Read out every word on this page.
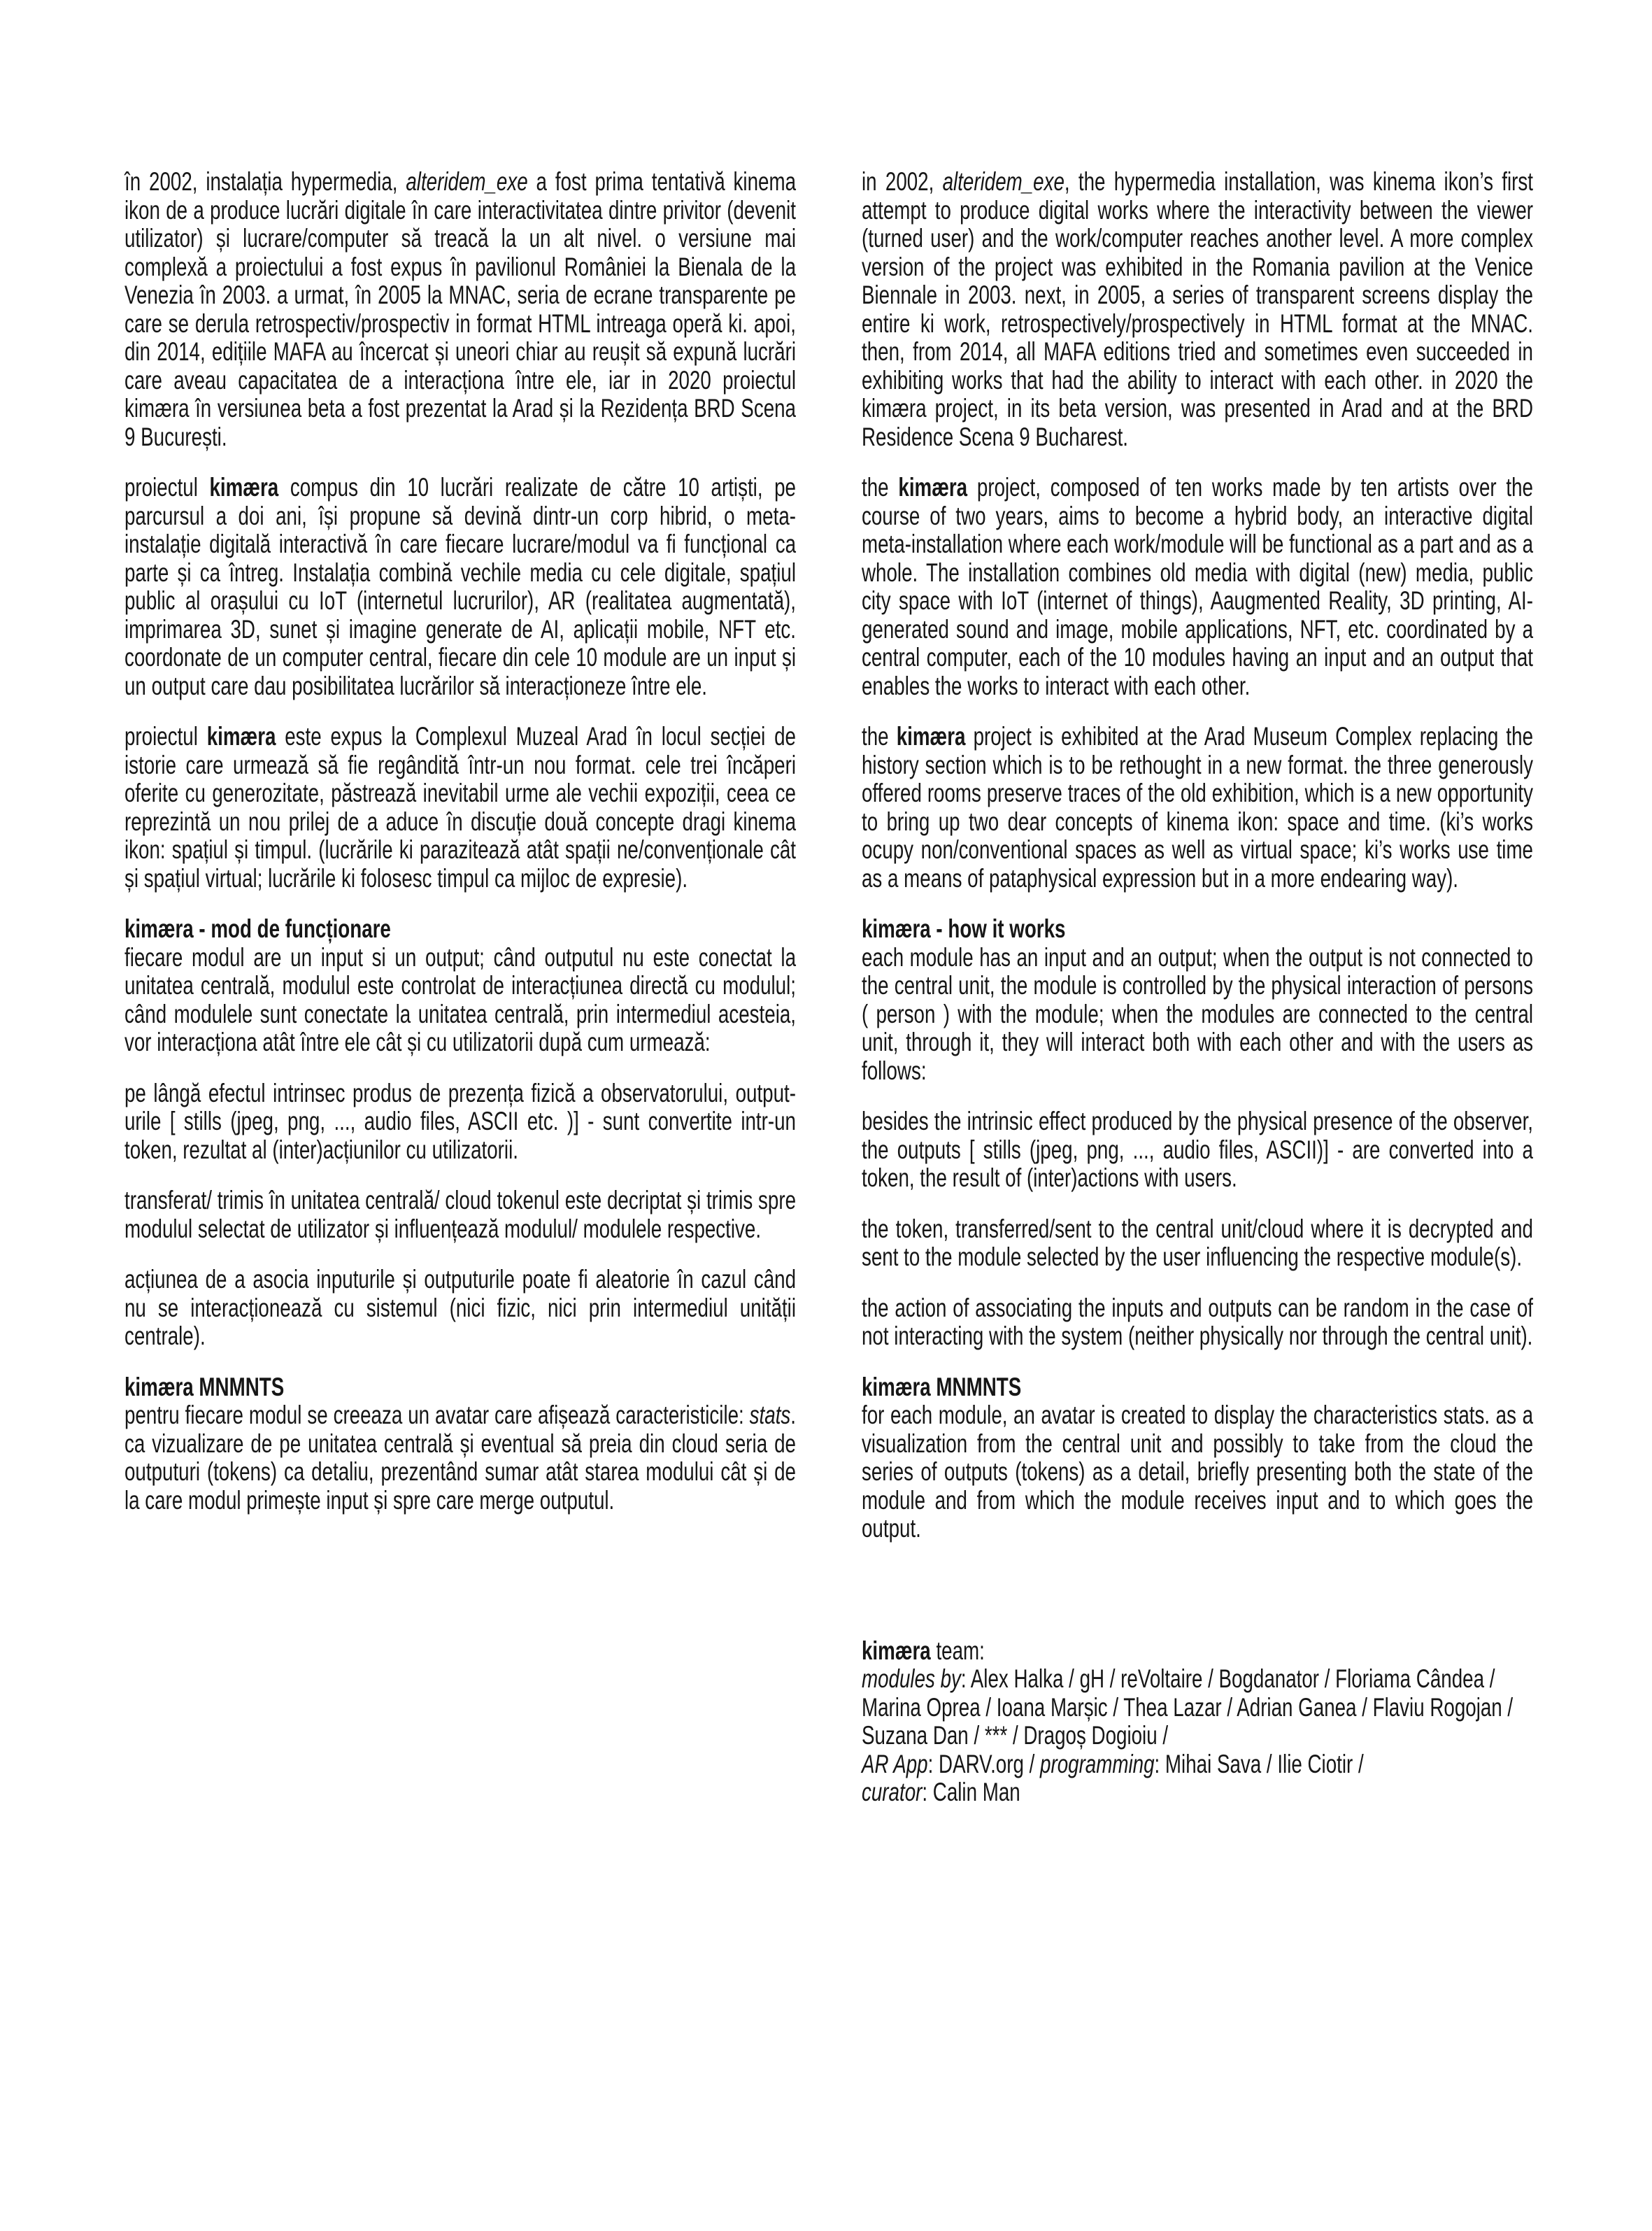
în 2002, instalația hypermedia, alteridem_exe a fost prima tentativă kinema ikon de a produce lucrări digitale în care interactivitatea dintre privitor (devenit utilizator) și lucrare/computer să treacă la un alt nivel. o versiune mai complexă a proiectului a fost expus în pavilionul României la Bienala de la Venezia în 2003. a urmat, în 2005 la MNAC, seria de ecrane transparente pe care se derula retrospectiv/prospectiv in format HTML intreaga operă ki. apoi, din 2014, edițiile MAFA au încercat și uneori chiar au reușit să expună lucrări care aveau capacitatea de a interacționa între ele, iar in 2020 proiectul kimæra în versiunea beta a fost prezentat la Arad și la Rezidența BRD Scena 9 București.

proiectul kimæra compus din 10 lucrări realizate de către 10 artiști, pe parcursul a doi ani, își propune să devină dintr-un corp hibrid, o meta-instalație digitală interactivă în care fiecare lucrare/modul va fi funcțional ca parte și ca întreg. Instalația combină vechile media cu cele digitale, spațiul public al orașului cu IoT (internetul lucrurilor), AR (realitatea augmentată), imprimarea 3D, sunet și imagine generate de AI, aplicații mobile, NFT etc. coordonate de un computer central, fiecare din cele 10 module are un input și un output care dau posibilitatea lucrărilor să interacționeze între ele.

proiectul kimæra este expus la Complexul Muzeal Arad în locul secției de istorie care urmează să fie regândită într-un nou format. cele trei încăperi oferite cu generozitate, păstrează inevitabil urme ale vechii expoziții, ceea ce reprezintă un nou prilej de a aduce în discuție două concepte dragi kinema ikon: spațiul și timpul. (lucrările ki parazitează atât spații ne/convenționale cât și spațiul virtual; lucrările ki folosesc timpul ca mijloc de expresie).

kimæra - mod de funcționare

fiecare modul are un input si un output; când outputul nu este conectat la unitatea centrală, modulul este controlat de interacțiunea directă cu modulul; când modulele sunt conectate la unitatea centrală, prin intermediul acesteia, vor interacționa atât între ele cât și cu utilizatorii după cum urmează:

pe lângă efectul intrinsec produs de prezența fizică a observatorului, output-urile [ stills (jpeg, png, ..., audio files, ASCII etc. )] - sunt convertite intr-un token, rezultat al (inter)acțiunilor cu utilizatorii.

transferat/ trimis în unitatea centrală/ cloud tokenul este decriptat și trimis spre modulul selectat de utilizator și influențează modulul/ modulele respective.

acțiunea de a asocia inputurile și outputurile poate fi aleatorie în cazul când nu se interacționează cu sistemul (nici fizic, nici prin intermediul unității centrale).

kimæra MNMNTS

pentru fiecare modul se creeaza un avatar care afișează caracteristicile: stats. ca vizualizare de pe unitatea centrală și eventual să preia din cloud seria de outputuri (tokens) ca detaliu, prezentând sumar atât starea modului cât și de la care modul primește input și spre care merge outputul.

in 2002, alteridem_exe, the hypermedia installation, was kinema ikon’s first attempt to produce digital works where the interactivity between the viewer (turned user) and the work/computer reaches another level. A more complex version of the project was exhibited in the Romania pavilion at the Venice Biennale in 2003. next, in 2005, a series of transparent screens display the entire ki work, retrospectively/prospectively in HTML format at the MNAC. then, from 2014, all MAFA editions tried and sometimes even succeeded in exhibiting works that had the ability to interact with each other. in 2020 the kimæra project, in its beta version, was presented in Arad and at the BRD Residence Scena 9 Bucharest.

the kimæra project, composed of ten works made by ten artists over the course of two years, aims to become a hybrid body, an interactive digital meta-installation where each work/module will be functional as a part and as a whole. The installation combines old media with digital (new) media, public city space with IoT (internet of things), Aaugmented Reality, 3D printing, AI-generated sound and image, mobile applications, NFT, etc. coordinated by a central computer, each of the 10 modules having an input and an output that enables the works to interact with each other.

the kimæra project is exhibited at the Arad Museum Complex replacing the history section which is to be rethought in a new format. the three generously offered rooms preserve traces of the old exhibition, which is a new opportunity to bring up two dear concepts of kinema ikon: space and time. (ki’s works ocupy non/conventional spaces as well as virtual space; ki’s works use time as a means of pataphysical expression but in a more endearing way).

kimæra - how it works

each module has an input and an output; when the output is not connected to the central unit, the module is controlled by the physical interaction of persons ( person ) with the module; when the modules are connected to the central unit, through it, they will interact both with each other and with the users as follows:

besides the intrinsic effect produced by the physical presence of the observer, the outputs [ stills (jpeg, png, ..., audio files, ASCII)] - are converted into a token, the result of (inter)actions with users.

the token, transferred/sent to the central unit/cloud where it is decrypted and sent to the module selected by the user influencing the respective module(s).

the action of associating the inputs and outputs can be random in the case of not interacting with the system (neither physically nor through the central unit).

kimæra MNMNTS

for each module, an avatar is created to display the characteristics stats. as a visualization from the central unit and possibly to take from the cloud the series of outputs (tokens) as a detail, briefly presenting both the state of the module and from which the module receives input and to which goes the output.

kimæra team:
modules by: Alex Halka / gH / reVoltaire / Bogdanator / Floriama Cândea / Marina Oprea / Ioana Marșic / Thea Lazar / Adrian Ganea / Flaviu Rogojan / Suzana Dan / *** / Dragoș Dogioiu /
AR App: DARV.org / programming: Mihai Sava / Ilie Ciotir /
curator: Calin Man
